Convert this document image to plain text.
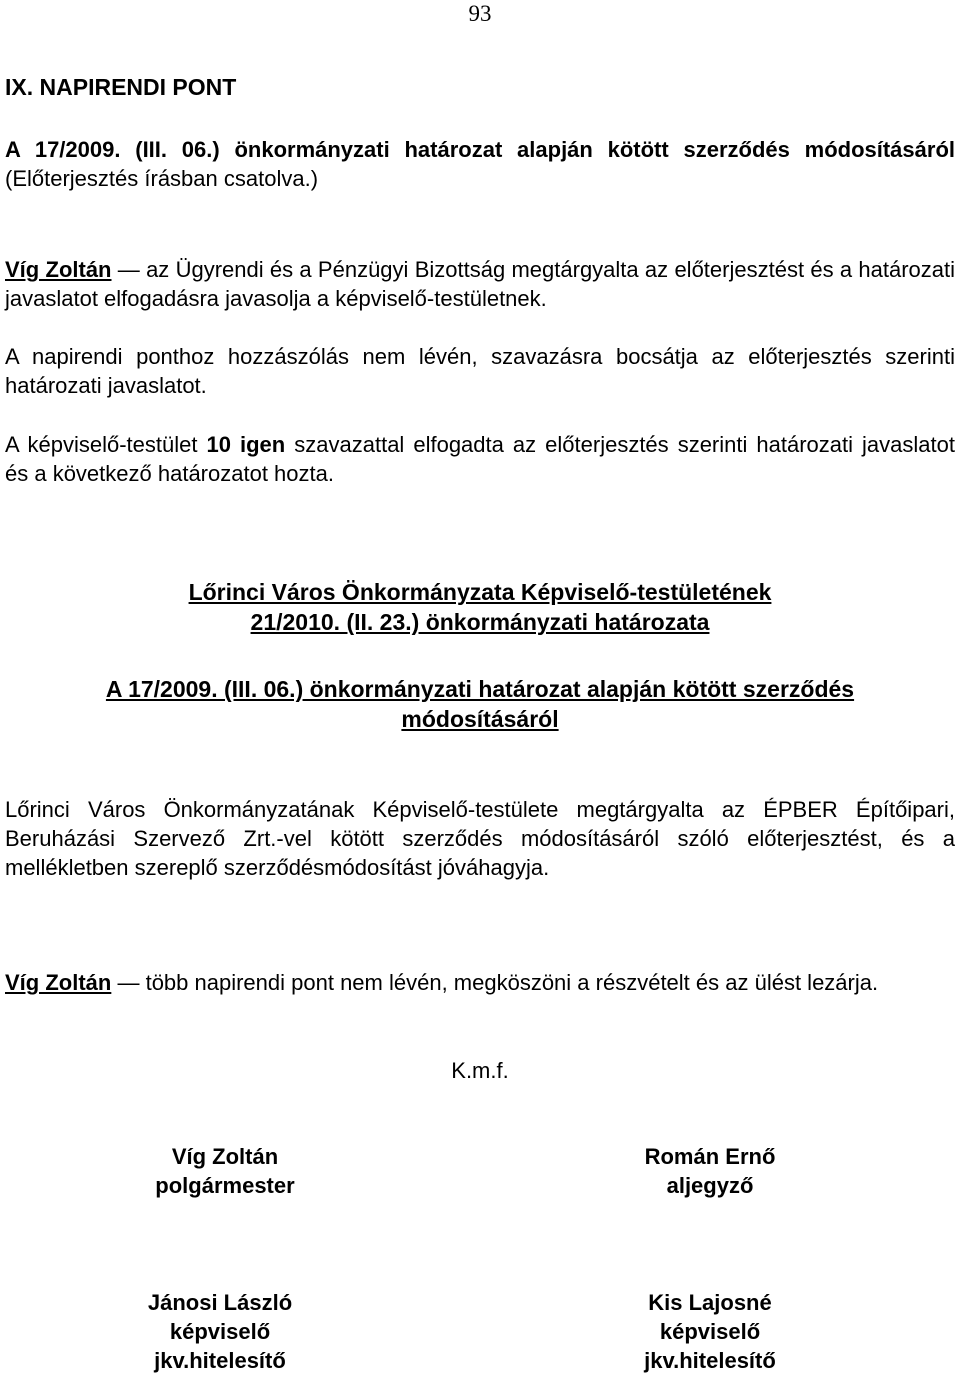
93
IX. NAPIRENDI PONT

A 17/2009. (III. 06.) önkormányzati határozat alapján kötött szerződés módosításáról (Előterjesztés írásban csatolva.)

Víg Zoltán — az Ügyrendi és a Pénzügyi Bizottság megtárgyalta az előterjesztést és a határozati javaslatot elfogadásra javasolja a képviselő-testületnek.

A napirendi ponthoz hozzászólás nem lévén, szavazásra bocsátja az előterjesztés szerinti határozati javaslatot.

A képviselő-testület 10 igen szavazattal elfogadta az előterjesztés szerinti határozati javaslatot és a következő határozatot hozta.

Lőrinci Város Önkormányzata Képviselő-testületének
21/2010. (II. 23.) önkormányzati határozata
A 17/2009. (III. 06.) önkormányzati határozat alapján kötött szerződés
módosításáról

Lőrinci Város Önkormányzatának Képviselő-testülete megtárgyalta az ÉPBER Építőipari, Beruházási Szervező Zrt.-vel kötött szerződés módosításáról szóló előterjesztést, és a mellékletben szereplő szerződésmódosítást jóváhagyja.

Víg Zoltán — több napirendi pont nem lévén, megköszöni a részvételt és az ülést lezárja.

K.m.f.
Víg Zoltán
polgármester
Román Ernő
aljegyző
Jánosi László
képviselő
jkv.hitelesítő
Kis Lajosné
képviselő
jkv.hitelesítő
